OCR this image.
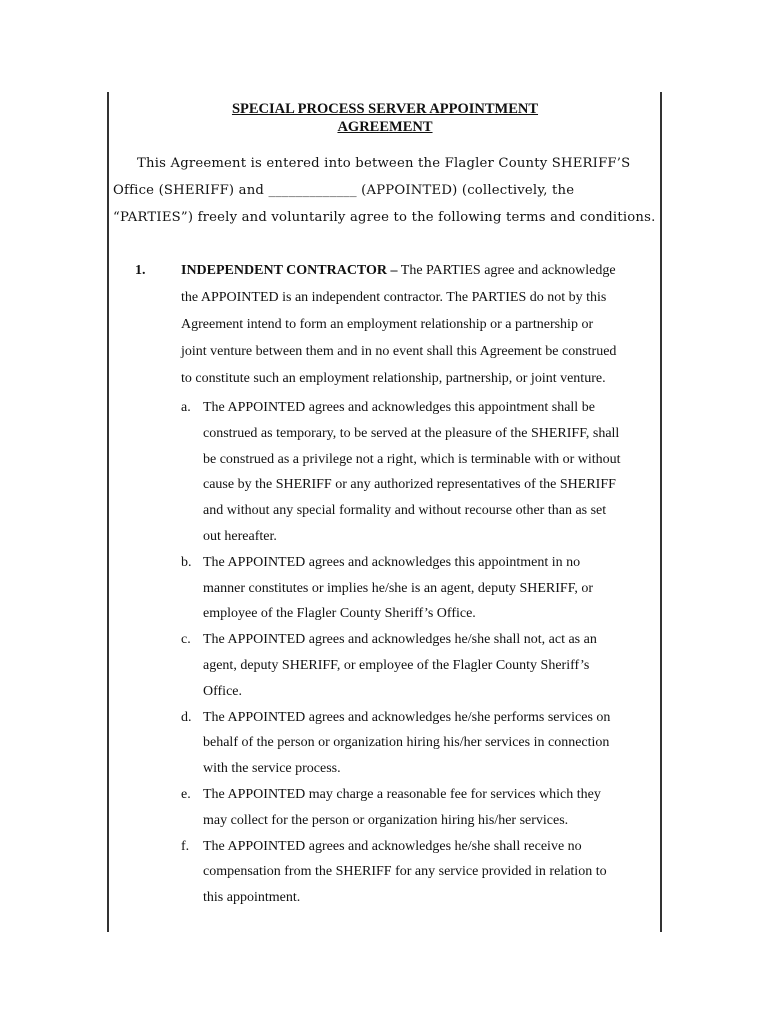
SPECIAL PROCESS SERVER APPOINTMENT
AGREEMENT
This Agreement is entered into between the Flagler County SHERIFF’S
Office (SHERIFF) and _____________ (APPOINTED) (collectively, the
“PARTIES”) freely and voluntarily agree to the following terms and conditions.
1.	INDEPENDENT CONTRACTOR – The PARTIES agree and acknowledge
the APPOINTED is an independent contractor. The PARTIES do not by this
Agreement intend to form an employment relationship or a partnership or
joint venture between them and in no event shall this Agreement be construed
to constitute such an employment relationship, partnership, or joint venture.
a. The APPOINTED agrees and acknowledges this appointment shall be
construed as temporary, to be served at the pleasure of the SHERIFF, shall
be construed as a privilege not a right, which is terminable with or without
cause by the SHERIFF or any authorized representatives of the SHERIFF
and without any special formality and without recourse other than as set
out hereafter.
b. The APPOINTED agrees and acknowledges this appointment in no
manner constitutes or implies he/she is an agent, deputy SHERIFF, or
employee of the Flagler County Sheriff’s Office.
c. The APPOINTED agrees and acknowledges he/she shall not, act as an
agent, deputy SHERIFF, or employee of the Flagler County Sheriff’s
Office.
d. The APPOINTED agrees and acknowledges he/she performs services on
behalf of the person or organization hiring his/her services in connection
with the service process.
e. The APPOINTED may charge a reasonable fee for services which they
may collect for the person or organization hiring his/her services.
f. The APPOINTED agrees and acknowledges he/she shall receive no
compensation from the SHERIFF for any service provided in relation to
this appointment.
